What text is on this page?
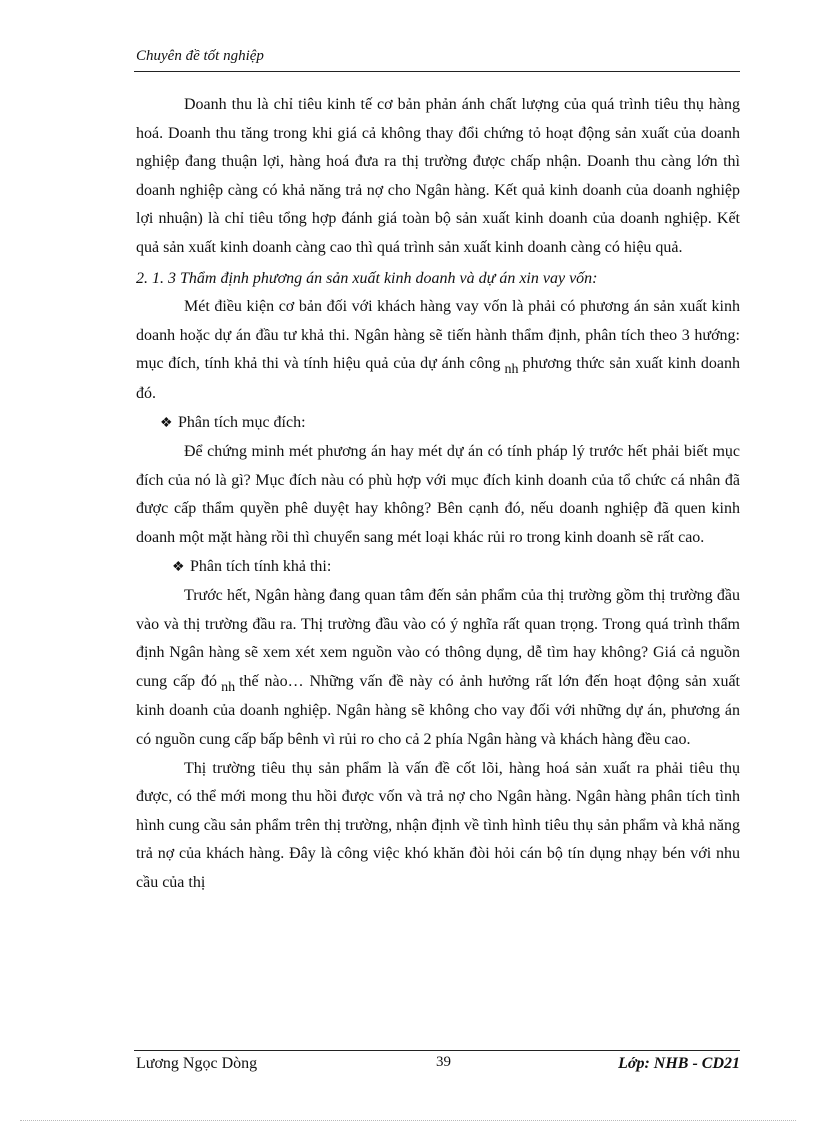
Chuyên đề tốt nghiệp

Doanh thu là chỉ tiêu kinh tế cơ bản phản ánh chất lượng của quá trình tiêu thụ hàng hoá. Doanh thu tăng trong khi giá cả không thay đổi chứng tỏ hoạt động sản xuất của doanh nghiệp đang thuận lợi, hàng hoá đưa ra thị trường được chấp nhận. Doanh thu càng lớn thì doanh nghiệp càng có khả năng trả nợ cho Ngân hàng. Kết quả kinh doanh của doanh nghiệp lợi nhuận) là chỉ tiêu tổng hợp đánh giá toàn bộ sản xuất kinh doanh của doanh nghiệp. Kết quả sản xuất kinh doanh càng cao thì quá trình sản xuất kinh doanh càng có hiệu quả.

2. 1. 3 Thẩm định phương án sản xuất kinh doanh và dự án xin vay vốn:

Mét điều kiện cơ bản đối với khách hàng vay vốn là phải có phương án sản xuất kinh doanh hoặc dự án đầu tư khả thi. Ngân hàng sẽ tiến hành thẩm định, phân tích theo 3 hướng: mục đích, tính khả thi và tính hiệu quả của dự ánh công nh phương thức sản xuất kinh doanh đó.

❖ Phân tích mục đích:

Để chứng minh mét phương án hay mét dự án có tính pháp lý trước hết phải biết mục đích của nó là gì? Mục đích nàu có phù hợp với mục đích kinh doanh của tổ chức cá nhân đã được cấp thẩm quyền phê duyệt hay không? Bên cạnh đó, nếu doanh nghiệp đã quen kinh doanh một mặt hàng rồi thì chuyển sang mét loại khác rủi ro trong kinh doanh sẽ rất cao.

❖ Phân tích tính khả thi:

Trước hết, Ngân hàng đang quan tâm đến sản phẩm của thị trường gồm thị trường đầu vào và thị trường đầu ra. Thị trường đầu vào có ý nghĩa rất quan trọng. Trong quá trình thẩm định Ngân hàng sẽ xem xét xem nguồn vào có thông dụng, dễ tìm hay không? Giá cả nguồn cung cấp đó nh thế nào… Những vấn đề này có ảnh hưởng rất lớn đến hoạt động sản xuất kinh doanh của doanh nghiệp. Ngân hàng sẽ không cho vay đối với những dự án, phương án có nguồn cung cấp bấp bênh vì rủi ro cho cả 2 phía Ngân hàng và khách hàng đều cao.

Thị trường tiêu thụ sản phẩm là vấn đề cốt lõi, hàng hoá sản xuất ra phải tiêu thụ được, có thể mới mong thu hồi được vốn và trả nợ cho Ngân hàng. Ngân hàng phân tích tình hình cung cầu sản phẩm trên thị trường, nhận định về tình hình tiêu thụ sản phẩm và khả năng trả nợ của khách hàng. Đây là công việc khó khăn đòi hỏi cán bộ tín dụng nhạy bén với nhu cầu của thị

Lương Ngọc Dòng	39	Lớp: NHB - CD21
